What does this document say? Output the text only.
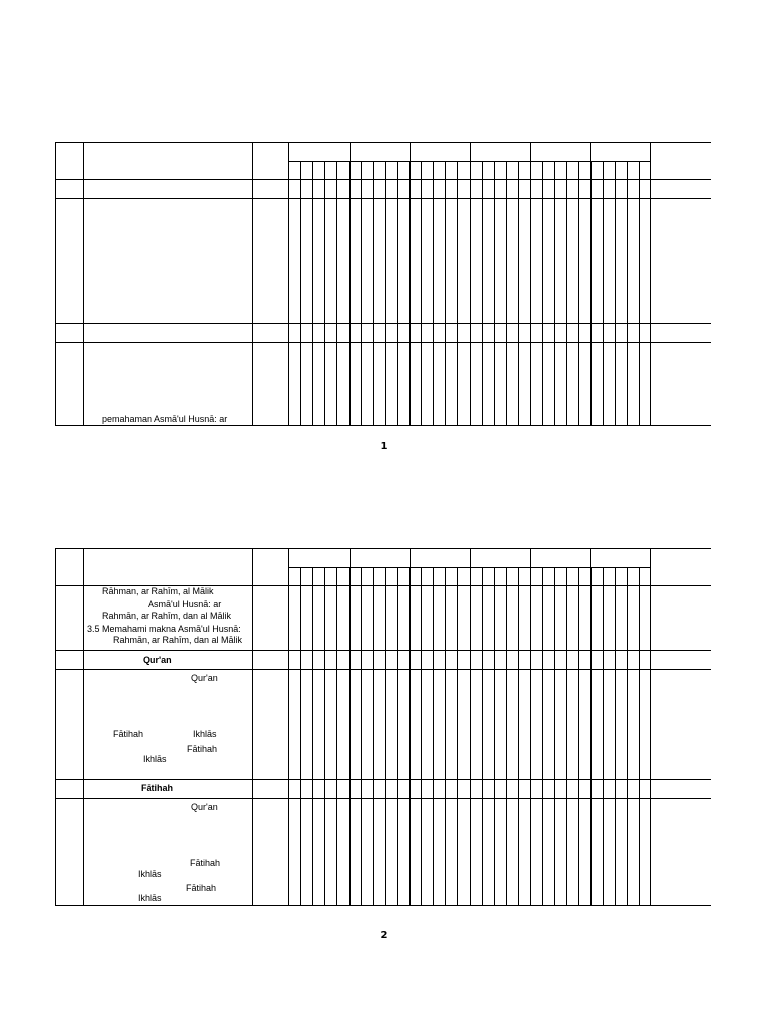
pemahaman Asmā'ul Husnā: ar
1
Rāhman, ar Rahīm, al Mālik
Asmā'ul Husnā: ar
Rahmān, ar Rahīm, dan al Mālik
3.5 Memahami makna Asmā'ul Husnā:
Rahmān, ar Rahīm, dan al Mālik
Qur'an
Qur'an
Fātihah	Ikhlās
Fātihah
Ikhlās
Fātihah
Qur'an
Fātihah
Ikhlās
Fātihah
Ikhlās
2
